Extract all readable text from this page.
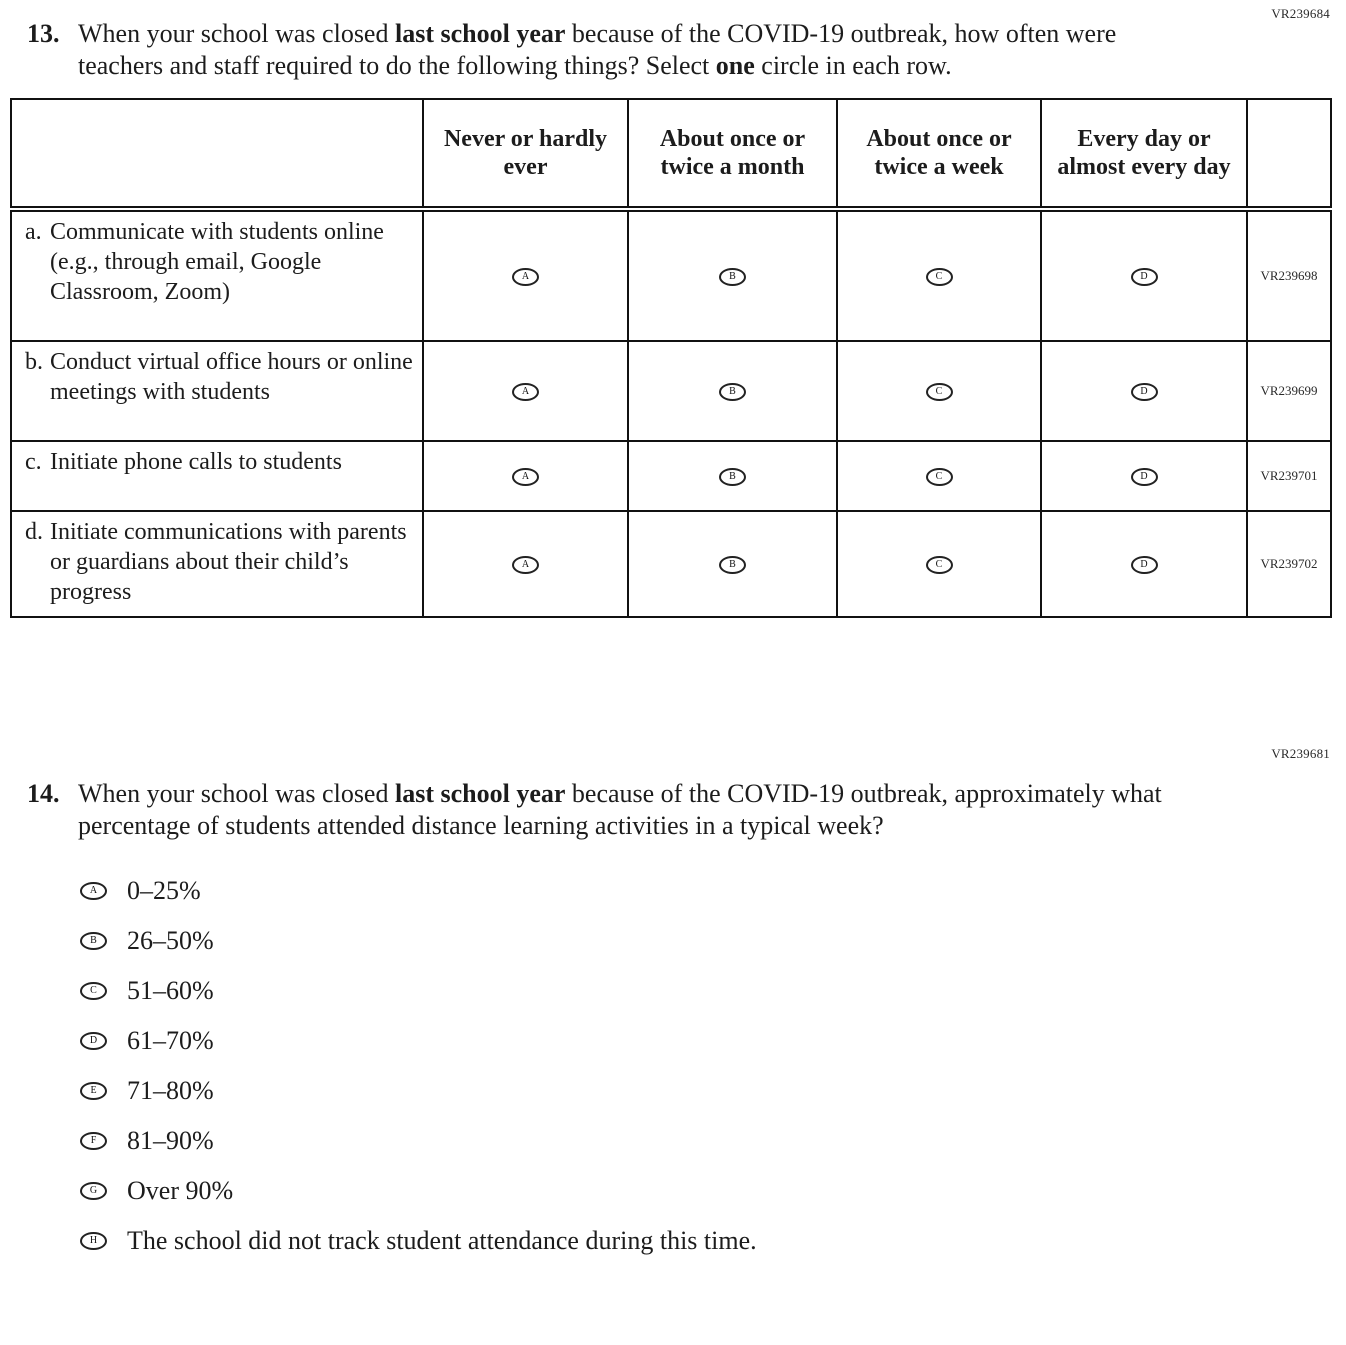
VR239684
13. When your school was closed last school year because of the COVID-19 outbreak, how often were teachers and staff required to do the following things? Select one circle in each row.
	Never or hardly ever	About once or twice a month	About once or twice a week	Every day or almost every day	

a. Communicate with students online (e.g., through email, Google Classroom, Zoom)	A	B	C	D	VR239698

b. Conduct virtual office hours or online meetings with students	A	B	C	D	VR239699

c. Initiate phone calls to students	A	B	C	D	VR239701

d. Initiate communications with parents or guardians about their child’s progress	A	B	C	D	VR239702
VR239681
14. When your school was closed last school year because of the COVID-19 outbreak, approximately what percentage of students attended distance learning activities in a typical week?
A 0–25%
B 26–50%
C 51–60%
D 61–70%
E 71–80%
F 81–90%
G Over 90%
H The school did not track student attendance during this time.
